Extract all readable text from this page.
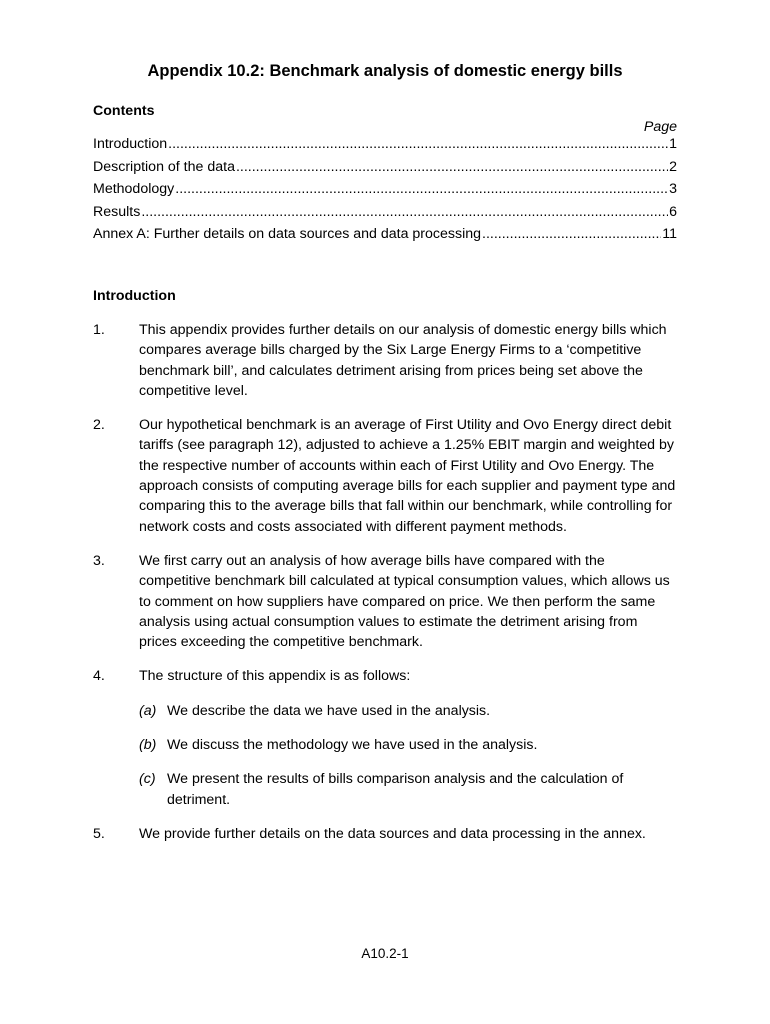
Appendix 10.2: Benchmark analysis of domestic energy bills
Contents
Page
Introduction .....	1
Description of the data .....	2
Methodology .....	3
Results .....	6
Annex A: Further details on data sources and data processing .....	11
Introduction
1.	This appendix provides further details on our analysis of domestic energy bills which compares average bills charged by the Six Large Energy Firms to a ‘competitive benchmark bill’, and calculates detriment arising from prices being set above the competitive level.
2.	Our hypothetical benchmark is an average of First Utility and Ovo Energy direct debit tariffs (see paragraph 12), adjusted to achieve a 1.25% EBIT margin and weighted by the respective number of accounts within each of First Utility and Ovo Energy. The approach consists of computing average bills for each supplier and payment type and comparing this to the average bills that fall within our benchmark, while controlling for network costs and costs associated with different payment methods.
3.	We first carry out an analysis of how average bills have compared with the competitive benchmark bill calculated at typical consumption values, which allows us to comment on how suppliers have compared on price. We then perform the same analysis using actual consumption values to estimate the detriment arising from prices exceeding the competitive benchmark.
4.	The structure of this appendix is as follows:
(a) We describe the data we have used in the analysis.
(b) We discuss the methodology we have used in the analysis.
(c) We present the results of bills comparison analysis and the calculation of detriment.
5.	We provide further details on the data sources and data processing in the annex.
A10.2-1
